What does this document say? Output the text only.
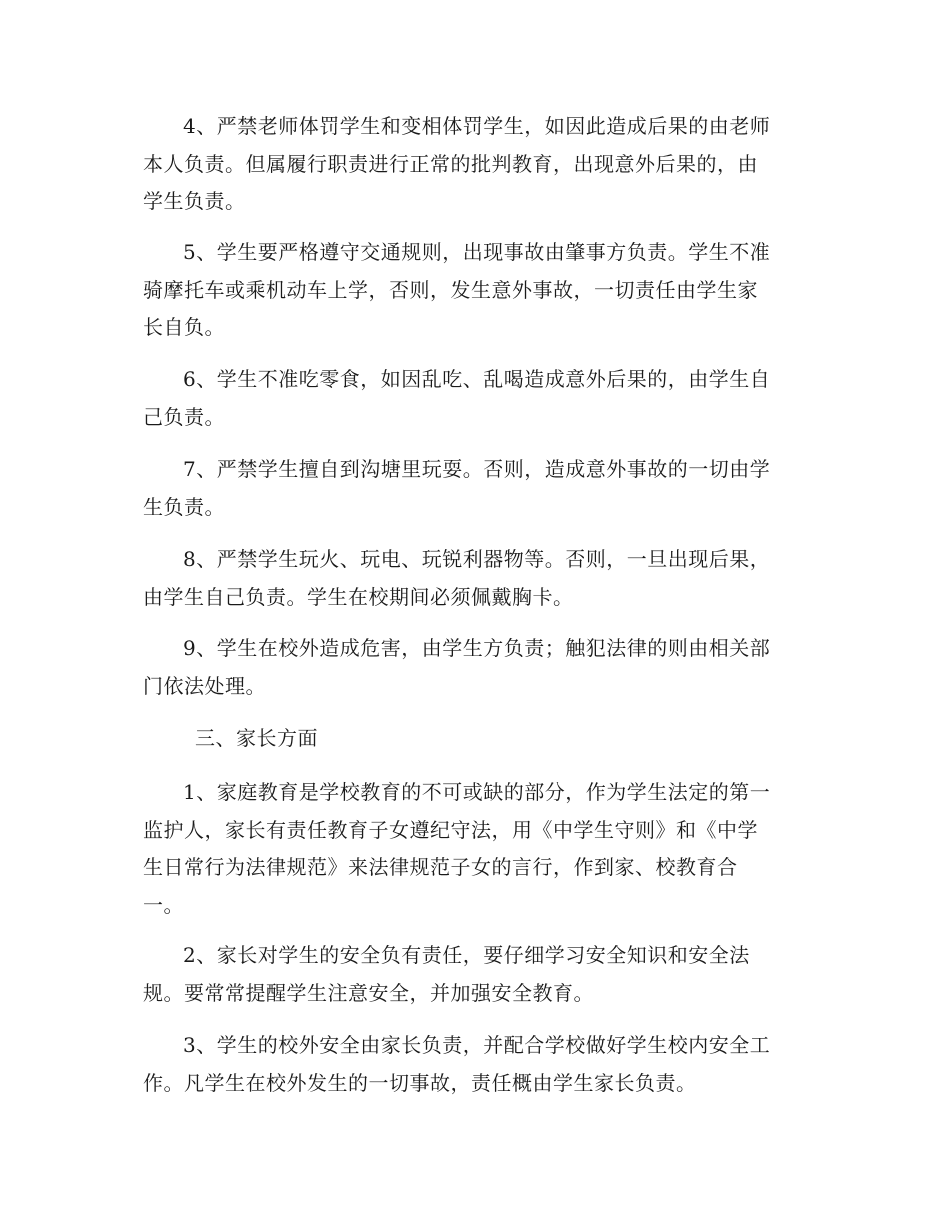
4、严禁老师体罚学生和变相体罚学生，如因此造成后果的由老师
本人负责。但属履行职责进行正常的批判教育，出现意外后果的，由
学生负责。

5、学生要严格遵守交通规则，出现事故由肇事方负责。学生不准
骑摩托车或乘机动车上学，否则，发生意外事故，一切责任由学生家
长自负。

6、学生不准吃零食，如因乱吃、乱喝造成意外后果的，由学生自
己负责。

7、严禁学生擅自到沟塘里玩耍。否则，造成意外事故的一切由学
生负责。

8、严禁学生玩火、玩电、玩锐利器物等。否则，一旦出现后果，
由学生自己负责。学生在校期间必须佩戴胸卡。

9、学生在校外造成危害，由学生方负责；触犯法律的则由相关部
门依法处理。

三、家长方面

1、家庭教育是学校教育的不可或缺的部分，作为学生法定的第一
监护人，家长有责任教育子女遵纪守法，用《中学生守则》和《中学
生日常行为法律规范》来法律规范子女的言行，作到家、校教育合
一。

2、家长对学生的安全负有责任，要仔细学习安全知识和安全法
规。要常常提醒学生注意安全，并加强安全教育。

3、学生的校外安全由家长负责，并配合学校做好学生校内安全工
作。凡学生在校外发生的一切事故，责任概由学生家长负责。
